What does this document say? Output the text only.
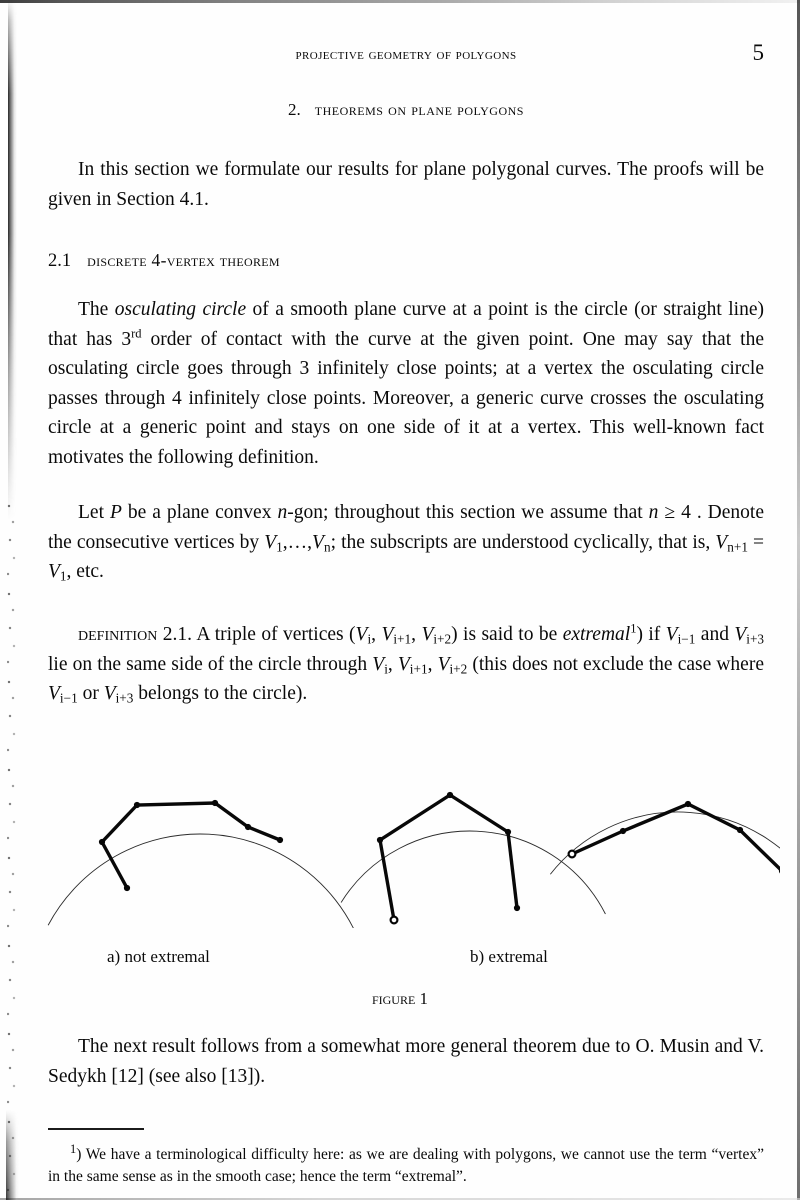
projective geometry of polygons	5
2. theorems on plane polygons

In this section we formulate our results for plane polygonal curves. The proofs will be given in Section 4.1.

2.1 discrete 4-vertex theorem

The osculating circle of a smooth plane curve at a point is the circle (or straight line) that has 3rd order of contact with the curve at the given point. One may say that the osculating circle goes through 3 infinitely close points; at a vertex the osculating circle passes through 4 infinitely close points. Moreover, a generic curve crosses the osculating circle at a generic point and stays on one side of it at a vertex. This well-known fact motivates the following definition.

Let P be a plane convex n-gon; throughout this section we assume that n ≥ 4 . Denote the consecutive vertices by $V_1,\dots,V_n$; the subscripts are understood cyclically, that is, $V_{n+1} = V_1$, etc.

definition 2.1. A triple of vertices ($V_i$, $V_{i+1}$, $V_{i+2}$) is said to be extremal$^1$) if $V_{i-1}$ and $V_{i+3}$ lie on the same side of the circle through $V_i$, $V_{i+1}$, $V_{i+2}$ (this does not exclude the case where $V_{i-1}$ or $V_{i+3}$ belongs to the circle).

a) not extremal	b) extremal
figure 1

The next result follows from a somewhat more general theorem due to O. Musin and V. Sedykh [12] (see also [13]).

$^1$) We have a terminological difficulty here: as we are dealing with polygons, we cannot use the term “vertex” in the same sense as in the smooth case; hence the term “extremal”.
